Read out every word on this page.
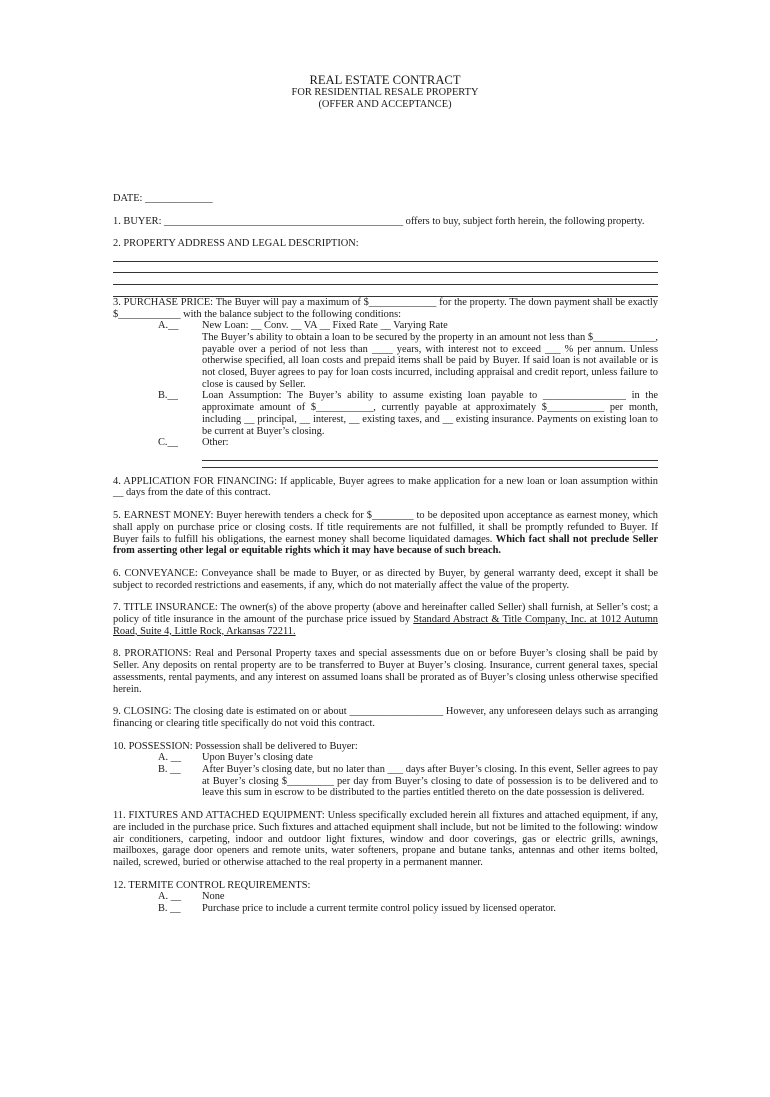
REAL ESTATE CONTRACT
FOR RESIDENTIAL RESALE PROPERTY
(OFFER AND ACCEPTANCE)

DATE: _____________

1. BUYER: ______________________________________________ offers to buy, subject forth herein, the following property.

2. PROPERTY ADDRESS AND LEGAL DESCRIPTION:

3. PURCHASE PRICE: The Buyer will pay a maximum of $_____________ for the property. The down payment shall be exactly $____________ with the balance subject to the following conditions:

A.__ New Loan: __ Conv. __ VA __ Fixed Rate __ Varying Rate
The Buyer’s ability to obtain a loan to be secured by the property in an amount not less than $____________, payable over a period of not less than ____ years, with interest not to exceed ___ % per annum. Unless otherwise specified, all loan costs and prepaid items shall be paid by Buyer. If said loan is not available or is not closed, Buyer agrees to pay for loan costs incurred, including appraisal and credit report, unless failure to close is caused by Seller.
B.__ Loan Assumption: The Buyer’s ability to assume existing loan payable to ________________ in the approximate amount of $___________, currently payable at approximately $___________ per month, including __ principal, __ interest, __ existing taxes, and __ existing insurance. Payments on existing loan to be current at Buyer’s closing.
C.__ Other:

4. APPLICATION FOR FINANCING: If applicable, Buyer agrees to make application for a new loan or loan assumption within __ days from the date of this contract.

5. EARNEST MONEY: Buyer herewith tenders a check for $________ to be deposited upon acceptance as earnest money, which shall apply on purchase price or closing costs. If title requirements are not fulfilled, it shall be promptly refunded to Buyer. If Buyer fails to fulfill his obligations, the earnest money shall become liquidated damages. Which fact shall not preclude Seller from asserting other legal or equitable rights which it may have because of such breach.

6. CONVEYANCE: Conveyance shall be made to Buyer, or as directed by Buyer, by general warranty deed, except it shall be subject to recorded restrictions and easements, if any, which do not materially affect the value of the property.

7. TITLE INSURANCE: The owner(s) of the above property (above and hereinafter called Seller) shall furnish, at Seller’s cost; a policy of title insurance in the amount of the purchase price issued by Standard Abstract & Title Company, Inc. at 1012 Autumn Road, Suite 4, Little Rock, Arkansas 72211.

8. PRORATIONS: Real and Personal Property taxes and special assessments due on or before Buyer’s closing shall be paid by Seller. Any deposits on rental property are to be transferred to Buyer at Buyer’s closing. Insurance, current general taxes, special assessments, rental payments, and any interest on assumed loans shall be prorated as of Buyer’s closing unless otherwise specified herein.

9. CLOSING: The closing date is estimated on or about __________________ However, any unforeseen delays such as arranging financing or clearing title specifically do not void this contract.

10. POSSESSION: Possession shall be delivered to Buyer:

A. __ Upon Buyer’s closing date
B. __ After Buyer’s closing date, but no later than ___ days after Buyer’s closing. In this event, Seller agrees to pay at Buyer’s closing $_________ per day from Buyer’s closing to date of possession is to be delivered and to leave this sum in escrow to be distributed to the parties entitled thereto on the date possession is delivered.

11. FIXTURES AND ATTACHED EQUIPMENT: Unless specifically excluded herein all fixtures and attached equipment, if any, are included in the purchase price. Such fixtures and attached equipment shall include, but not be limited to the following: window air conditioners, carpeting, indoor and outdoor light fixtures, window and door coverings, gas or electric grills, awnings, mailboxes, garage door openers and remote units, water softeners, propane and butane tanks, antennas and other items bolted, nailed, screwed, buried or otherwise attached to the real property in a permanent manner.

12. TERMITE CONTROL REQUIREMENTS:

A. __ None
B. __ Purchase price to include a current termite control policy issued by licensed operator.
